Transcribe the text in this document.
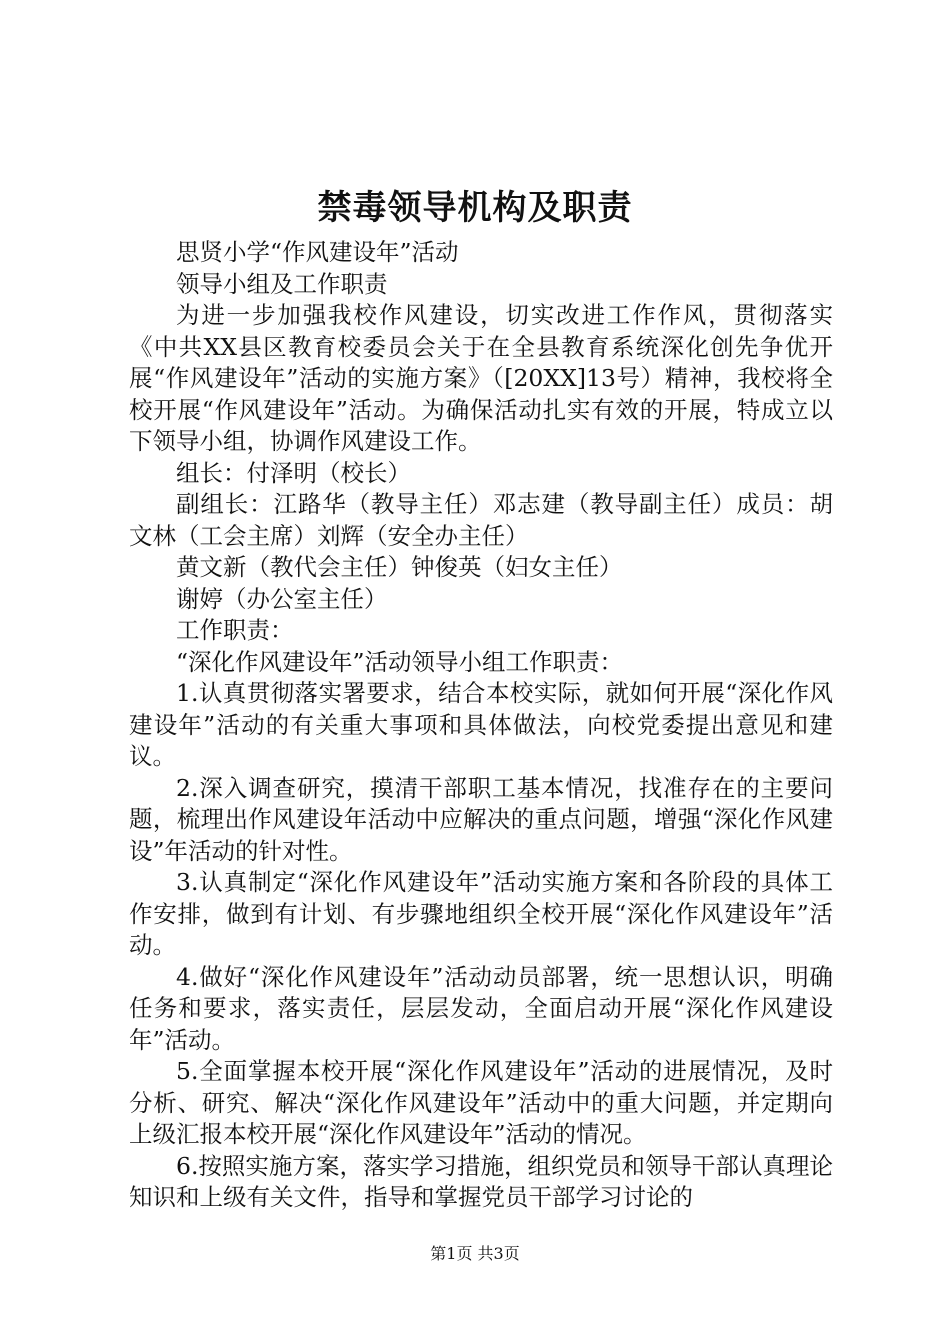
禁毒领导机构及职责

思贤小学“作风建设年”活动

领导小组及工作职责

为进一步加强我校作风建设，切实改进工作作风，贯彻落实《中共XX县区教育校委员会关于在全县教育系统深化创先争优开展“作风建设年”活动的实施方案》（[20XX]13号）精神，我校将全校开展“作风建设年”活动。为确保活动扎实有效的开展，特成立以下领导小组，协调作风建设工作。

组长：付泽明（校长）

副组长：江路华（教导主任）邓志建（教导副主任）成员：胡文林（工会主席）刘辉（安全办主任）

黄文新（教代会主任）钟俊英（妇女主任）

谢婷（办公室主任）

工作职责：

“深化作风建设年”活动领导小组工作职责：

1.认真贯彻落实署要求，结合本校实际，就如何开展“深化作风建设年”活动的有关重大事项和具体做法，向校党委提出意见和建议。

2.深入调查研究，摸清干部职工基本情况，找准存在的主要问题，梳理出作风建设年活动中应解决的重点问题，增强“深化作风建设”年活动的针对性。

3.认真制定“深化作风建设年”活动实施方案和各阶段的具体工作安排，做到有计划、有步骤地组织全校开展“深化作风建设年”活动。

4.做好“深化作风建设年”活动动员部署，统一思想认识，明确任务和要求，落实责任，层层发动，全面启动开展“深化作风建设年”活动。

5.全面掌握本校开展“深化作风建设年”活动的进展情况，及时分析、研究、解决“深化作风建设年”活动中的重大问题，并定期向上级汇报本校开展“深化作风建设年”活动的情况。

6.按照实施方案，落实学习措施，组织党员和领导干部认真理论知识和上级有关文件，指导和掌握党员干部学习讨论的

第1页 共3页
